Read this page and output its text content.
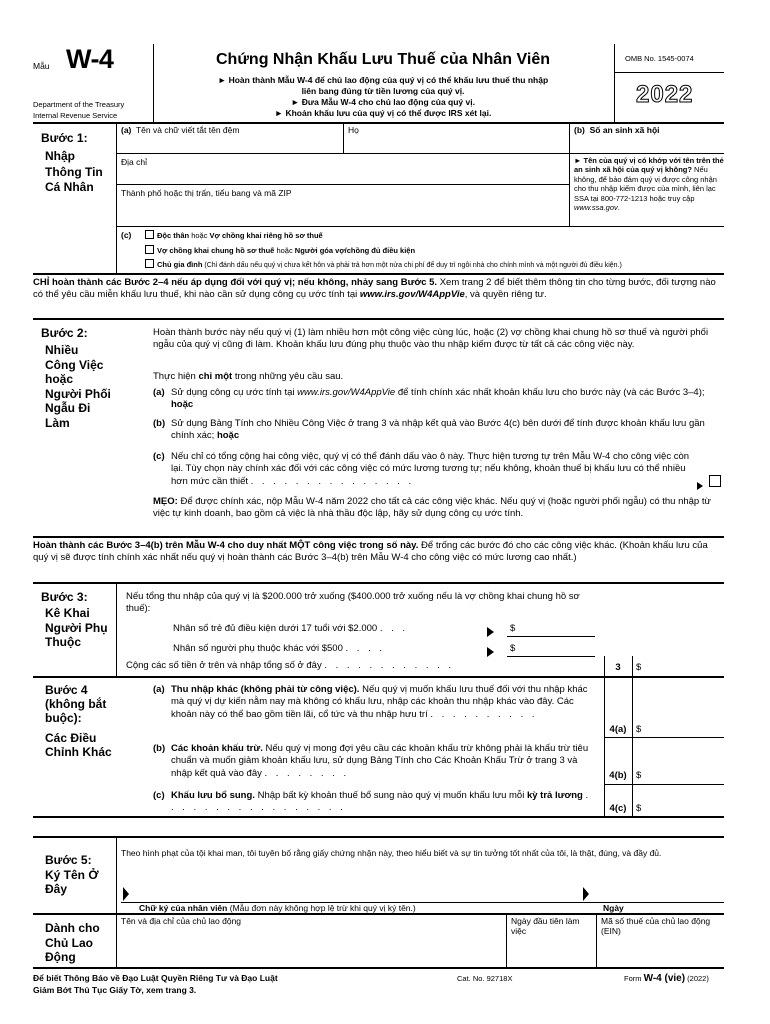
Mẫu W-4
Department of the Treasury
Internal Revenue Service
Chứng Nhận Khấu Lưu Thuế của Nhân Viên
► Hoàn thành Mẫu W-4 để chủ lao động của quý vị có thể khấu lưu thuế thu nhập
liên bang đúng từ tiền lương của quý vị.
► Đưa Mẫu W-4 cho chủ lao động của quý vị.
► Khoản khấu lưu của quý vị có thể được IRS xét lại.
OMB No. 1545-0074
2022
Bước 1:
Nhập
Thông Tin
Cá Nhân
(a) Tên và chữ viết tắt tên đệm	Họ	(b) Số an sinh xã hội
Địa chỉ
Thành phố hoặc thị trấn, tiểu bang và mã ZIP
► Tên của quý vị có khớp với tên trên thẻ an sinh xã hội của quý vị không? Nếu không, để bảo đảm quý vị được công nhận cho thu nhập kiếm được của mình, liên lạc SSA tại 800-772-1213 hoặc truy cập www.ssa.gov.
(c)	Độc thân hoặc Vợ chồng khai riêng hồ sơ thuế
Vợ chồng khai chung hồ sơ thuế hoặc Người góa vợ/chồng đủ điều kiện
Chủ gia đình (Chỉ đánh dấu nếu quý vị chưa kết hôn và phải trả hơn một nửa chi phí để duy trì ngôi nhà cho chính mình và một người đủ điều kiện.)
CHỈ hoàn thành các Bước 2–4 nếu áp dụng đối với quý vị; nếu không, nhảy sang Bước 5. Xem trang 2 để biết thêm thông tin cho từng bước, đối tượng nào có thể yêu cầu miễn khấu lưu thuế, khi nào cần sử dụng công cụ ước tính tại www.irs.gov/W4AppVie, và quyền riêng tư.
Bước 2:
Nhiều
Công Việc
hoặc
Người Phối
Ngẫu Đi
Làm
Hoàn thành bước này nếu quý vị (1) làm nhiều hơn một công việc cùng lúc, hoặc (2) vợ chồng khai chung hồ sơ thuế và người phối ngẫu của quý vị cũng đi làm. Khoản khấu lưu đúng phụ thuộc vào thu nhập kiếm được từ tất cả các công việc này.
Thực hiện chỉ một trong những yêu cầu sau.
(a) Sử dụng công cụ ước tính tại www.irs.gov/W4AppVie để tính chính xác nhất khoản khấu lưu cho bước này (và các Bước 3–4); hoặc
(b) Sử dụng Bảng Tính cho Nhiều Công Việc ở trang 3 và nhập kết quả vào Bước 4(c) bên dưới để tính được khoản khấu lưu gần chính xác; hoặc
(c) Nếu chỉ có tổng cộng hai công việc, quý vị có thể đánh dấu vào ô này. Thực hiện tương tự trên Mẫu W-4 cho công việc còn lại. Tùy chọn này chính xác đối với các công việc có mức lương tương tự; nếu không, khoản thuế bị khấu lưu có thể nhiều hơn mức cần thiết . . . . . . . . . . . . . . .
MẸO: Để được chính xác, nộp Mẫu W-4 năm 2022 cho tất cả các công việc khác. Nếu quý vị (hoặc người phối ngẫu) có thu nhập từ việc tự kinh doanh, bao gồm cả việc là nhà thầu độc lập, hãy sử dụng công cụ ước tính.
Hoàn thành các Bước 3–4(b) trên Mẫu W-4 cho duy nhất MỘT công việc trong số này. Để trống các bước đó cho các công việc khác. (Khoản khấu lưu của quý vị sẽ được tính chính xác nhất nếu quý vị hoàn thành các Bước 3–4(b) trên Mẫu W-4 cho công việc có mức lương cao nhất.)
Bước 3:
Kê Khai
Người Phụ
Thuộc
Nếu tổng thu nhập của quý vị là $200.000 trở xuống ($400.000 trở xuống nếu là vợ chồng khai chung hồ sơ thuế):
Nhân số trẻ đủ điều kiện dưới 17 tuổi với $2.000 . . .	$
Nhân số người phụ thuộc khác với $500 . . . .	$
Cộng các số tiền ở trên và nhập tổng số ở đây . . . . . . . . . . . .	3	$
Bước 4
(không bắt
buộc):
Các Điều
Chỉnh Khác
(a) Thu nhập khác (không phải từ công việc). Nếu quý vị muốn khấu lưu thuế đối với thu nhập khác mà quý vị dự kiến nằm nay mà không có khấu lưu, nhập các khoản thu nhập khác vào đây. Các khoản này có thể bao gồm tiền lãi, cổ tức và thu nhập hưu trí . . . . . . . . . .
4(a)	$
(b) Các khoản khấu trừ. Nếu quý vị mong đợi yêu cầu các khoản khấu trừ không phải là khấu trừ tiêu chuẩn và muốn giảm khoản khấu lưu, sử dụng Bảng Tính cho Các Khoản Khấu Trừ ở trang 3 và nhập kết quả vào đây . . . . . . . .	4(b) $
(c) Khấu lưu bổ sung. Nhập bất kỳ khoản thuế bổ sung nào quý vị muốn khấu lưu mỗi kỳ trả lương . . . . . . . . . . . . . . . . .	4(c)	$
Bước 5:
Ký Tên Ở
Đây
Theo hình phạt của tội khai man, tôi tuyên bố rằng giấy chứng nhận này, theo hiểu biết và sự tin tưởng tốt nhất của tôi, là thật, đúng, và đầy đủ.
Chữ ký của nhân viên (Mẫu đơn này không hợp lệ trừ khi quý vị ký tên.)	Ngày
Dành cho
Chủ Lao
Động
Tên và địa chỉ của chủ lao động	Ngày đầu tiên làm việc
Mã số thuế của chủ lao động (EIN)
Để biết Thông Báo về Đạo Luật Quyền Riêng Tư và Đạo Luật
Giảm Bớt Thủ Tục Giấy Tờ, xem trang 3.
Cat. No. 92718X	Form W-4 (vie) (2022)
